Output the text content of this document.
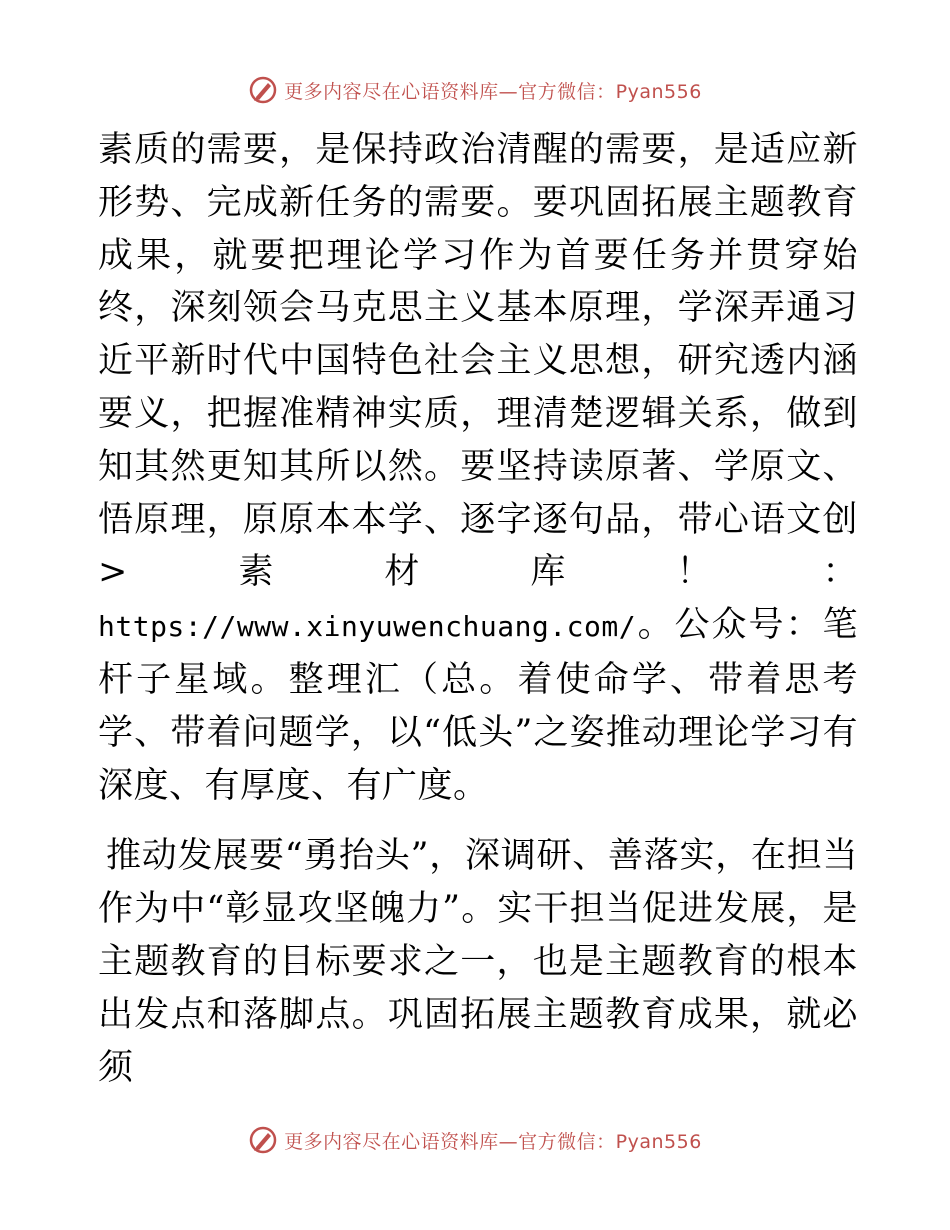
更多内容尽在心语资料库—官方微信：Pyan556

素质的需要，是保持政治清醒的需要，是适应新形势、完成新任务的需要。要巩固拓展主题教育成果，就要把理论学习作为首要任务并贯穿始终，深刻领会马克思主义基本原理，学深弄通习近平新时代中国特色社会主义思想，研究透内涵要义，把握准精神实质，理清楚逻辑关系，做到知其然更知其所以然。要坚持读原著、学原文、悟原理，原原本本学、逐字逐句品，带心语文创>素材库！：https://www.xinyuwenchuang.com/。公众号：笔杆子星域。整理汇（总。着使命学、带着思考学、带着问题学，以“低头”之姿推动理论学习有深度、有厚度、有广度。

推动发展要“勇抬头”，深调研、善落实，在担当作为中“彰显攻坚魄力”。实干担当促进发展，是主题教育的目标要求之一，也是主题教育的根本出发点和落脚点。巩固拓展主题教育成果，就必须

更多内容尽在心语资料库—官方微信：Pyan556
